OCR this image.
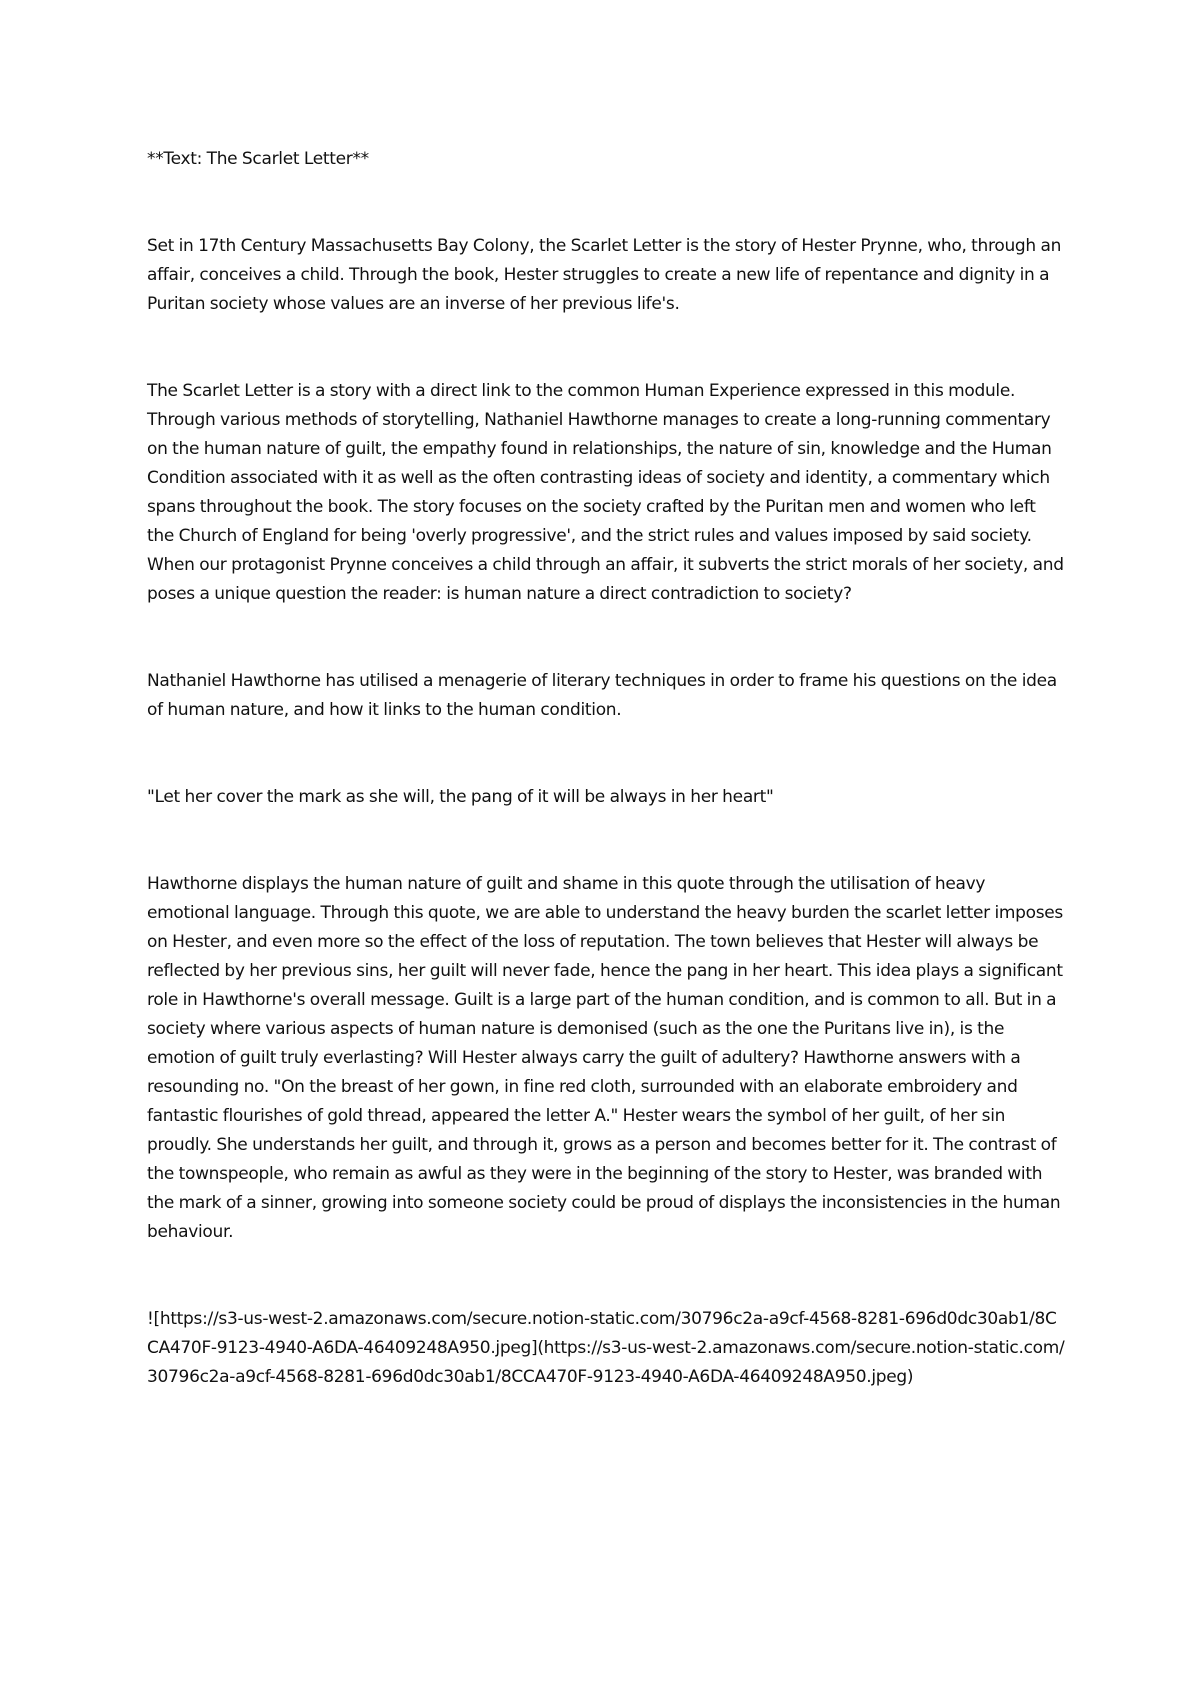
**Text: The Scarlet Letter**

Set in 17th Century Massachusetts Bay Colony, the Scarlet Letter is the story of Hester Prynne, who, through an affair, conceives a child. Through the book, Hester struggles to create a new life of repentance and dignity in a Puritan society whose values are an inverse of her previous life's.

The Scarlet Letter is a story with a direct link to the common Human Experience expressed in this module. Through various methods of storytelling, Nathaniel Hawthorne manages to create a long-running commentary on the human nature of guilt, the empathy found in relationships, the nature of sin, knowledge and the Human Condition associated with it as well as the often contrasting ideas of society and identity, a commentary which spans throughout the book. The story focuses on the society crafted by the Puritan men and women who left the Church of England for being 'overly progressive', and the strict rules and values imposed by said society. When our protagonist Prynne conceives a child through an affair, it subverts the strict morals of her society, and poses a unique question the reader: is human nature a direct contradiction to society?

Nathaniel Hawthorne has utilised a menagerie of literary techniques in order to frame his questions on the idea of human nature, and how it links to the human condition.

"Let her cover the mark as she will, the pang of it will be always in her heart"

Hawthorne displays the human nature of guilt and shame in this quote through the utilisation of heavy emotional language. Through this quote, we are able to understand the heavy burden the scarlet letter imposes on Hester, and even more so the effect of the loss of reputation. The town believes that Hester will always be reflected by her previous sins, her guilt will never fade, hence the pang in her heart. This idea plays a significant role in Hawthorne's overall message. Guilt is a large part of the human condition, and is common to all. But in a society where various aspects of human nature is demonised (such as the one the Puritans live in), is the emotion of guilt truly everlasting? Will Hester always carry the guilt of adultery? Hawthorne answers with a resounding no. "On the breast of her gown, in fine red cloth, surrounded with an elaborate embroidery and fantastic flourishes of gold thread, appeared the letter A." Hester wears the symbol of her guilt, of her sin proudly. She understands her guilt, and through it, grows as a person and becomes better for it. The contrast of the townspeople, who remain as awful as they were in the beginning of the story to Hester, was branded with the mark of a sinner, growing into someone society could be proud of displays the inconsistencies in the human behaviour.

![https://s3-us-west-2.amazonaws.com/secure.notion-static.com/30796c2a-a9cf-4568-8281-696d0dc30ab1/8CCA470F-9123-4940-A6DA-46409248A950.jpeg](https://s3-us-west-2.amazonaws.com/secure.notion-static.com/30796c2a-a9cf-4568-8281-696d0dc30ab1/8CCA470F-9123-4940-A6DA-46409248A950.jpeg)
